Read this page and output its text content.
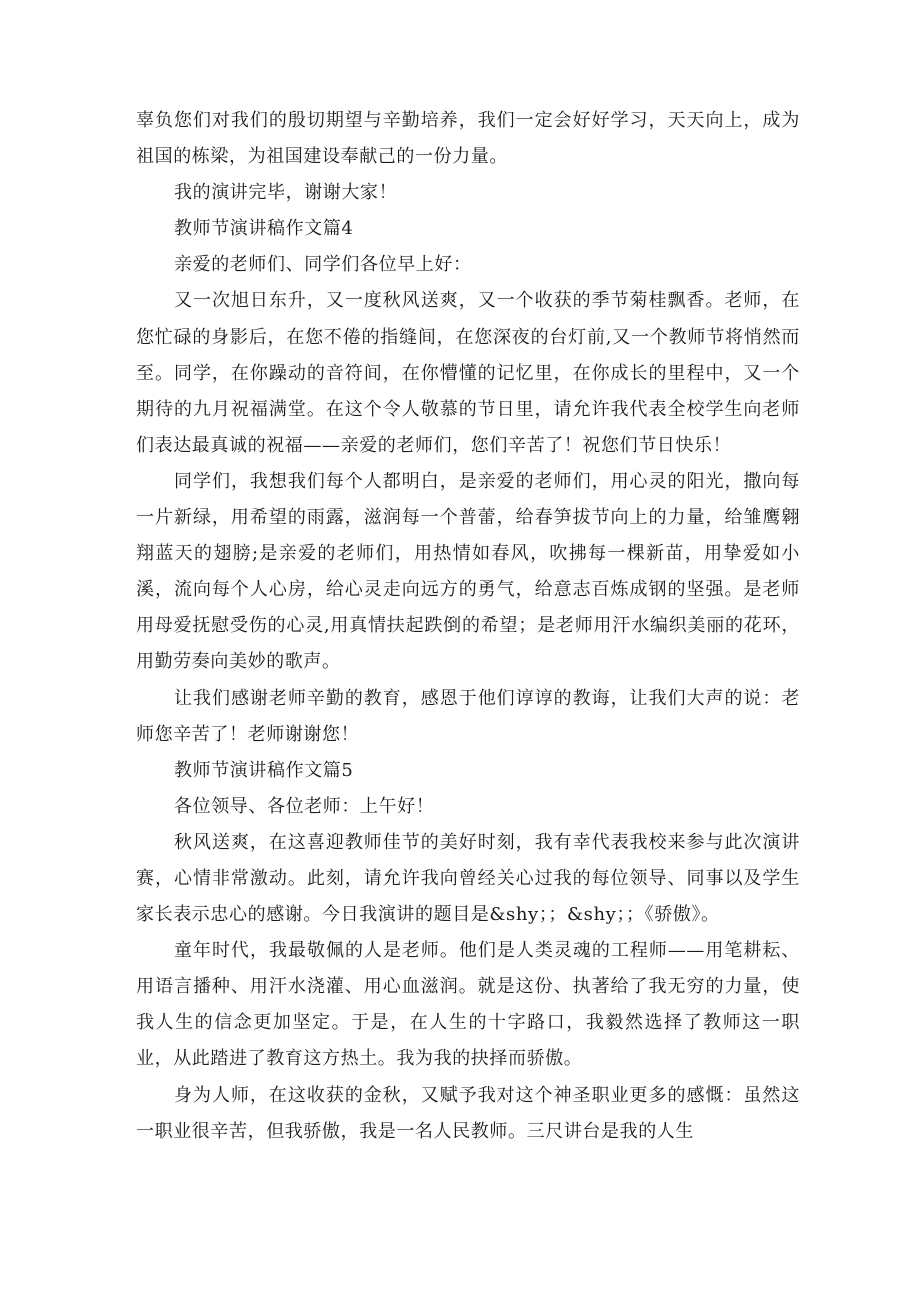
辜负您们对我们的殷切期望与辛勤培养，我们一定会好好学习，天天向上，成为祖国的栋梁，为祖国建设奉献己的一份力量。

我的演讲完毕，谢谢大家！

教师节演讲稿作文篇4

亲爱的老师们、同学们各位早上好：

又一次旭日东升，又一度秋风送爽，又一个收获的季节菊桂飘香。老师，在您忙碌的身影后，在您不倦的指缝间，在您深夜的台灯前,又一个教师节将悄然而至。同学，在你躁动的音符间，在你懵懂的记忆里，在你成长的里程中，又一个期待的九月祝福满堂。在这个令人敬慕的节日里，请允许我代表全校学生向老师们表达最真诚的祝福——亲爱的老师们，您们辛苦了！祝您们节日快乐！

同学们，我想我们每个人都明白，是亲爱的老师们，用心灵的阳光，撒向每一片新绿，用希望的雨露，滋润每一个普蕾，给春笋拔节向上的力量，给雏鹰翱翔蓝天的翅膀;是亲爱的老师们，用热情如春风，吹拂每一棵新苗，用挚爱如小溪，流向每个人心房，给心灵走向远方的勇气，给意志百炼成钢的坚强。是老师用母爱抚慰受伤的心灵,用真情扶起跌倒的希望；是老师用汗水编织美丽的花环，用勤劳奏向美妙的歌声。

让我们感谢老师辛勤的教育，感恩于他们谆谆的教诲，让我们大声的说：老师您辛苦了！老师谢谢您！

教师节演讲稿作文篇5

各位领导、各位老师：上午好！

秋风送爽，在这喜迎教师佳节的美好时刻，我有幸代表我校来参与此次演讲赛，心情非常激动。此刻，请允许我向曾经关心过我的每位领导、同事以及学生家长表示忠心的感谢。今日我演讲的题目是&shy；；&shy；；《骄傲》。

童年时代，我最敬佩的人是老师。他们是人类灵魂的工程师——用笔耕耘、用语言播种、用汗水浇灌、用心血滋润。就是这份、执著给了我无穷的力量，使我人生的信念更加坚定。于是，在人生的十字路口，我毅然选择了教师这一职业，从此踏进了教育这方热土。我为我的抉择而骄傲。

身为人师，在这收获的金秋，又赋予我对这个神圣职业更多的感慨：虽然这一职业很辛苦，但我骄傲，我是一名人民教师。三尺讲台是我的人生
